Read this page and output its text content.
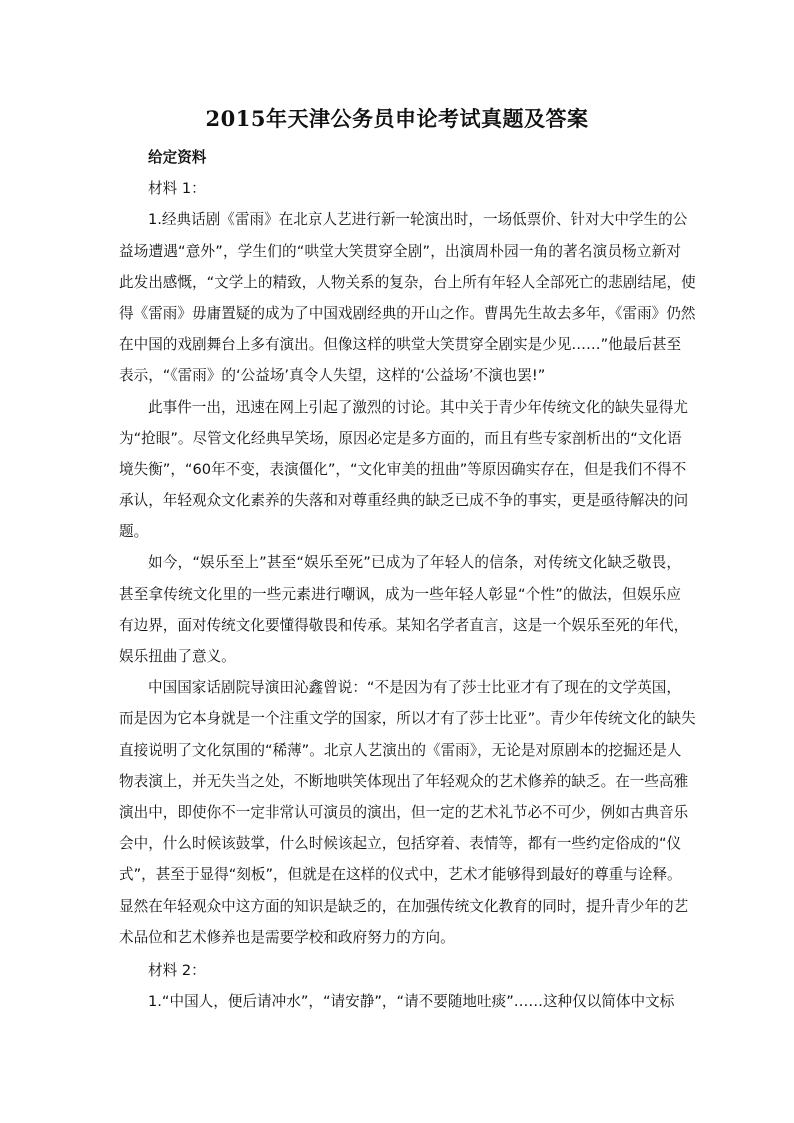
2015年天津公务员申论考试真题及答案
给定资料
材料 1：
1.经典话剧《雷雨》在北京人艺进行新一轮演出时，一场低票价、针对大中学生的公
益场遭遇“意外”，学生们的“哄堂大笑贯穿全剧”，出演周朴园一角的著名演员杨立新对
此发出感慨，“文学上的精致，人物关系的复杂，台上所有年轻人全部死亡的悲剧结尾，使
得《雷雨》毋庸置疑的成为了中国戏剧经典的开山之作。曹禺先生故去多年，《雷雨》仍然
在中国的戏剧舞台上多有演出。但像这样的哄堂大笑贯穿全剧实是少见……”他最后甚至
表示，“《雷雨》的‘公益场’真令人失望，这样的‘公益场’不演也罢!”
此事件一出，迅速在网上引起了激烈的讨论。其中关于青少年传统文化的缺失显得尤
为“抢眼”。尽管文化经典早笑场，原因必定是多方面的，而且有些专家剖析出的“文化语
境失衡”，“60年不变，表演僵化”，“文化审美的扭曲”等原因确实存在，但是我们不得不
承认，年轻观众文化素养的失落和对尊重经典的缺乏已成不争的事实，更是亟待解决的问
题。
如今，“娱乐至上”甚至“娱乐至死”已成为了年轻人的信条，对传统文化缺乏敬畏，
甚至拿传统文化里的一些元素进行嘲讽，成为一些年轻人彰显“个性”的做法，但娱乐应
有边界，面对传统文化要懂得敬畏和传承。某知名学者直言，这是一个娱乐至死的年代，
娱乐扭曲了意义。
中国国家话剧院导演田沁鑫曾说：“不是因为有了莎士比亚才有了现在的文学英国，
而是因为它本身就是一个注重文学的国家，所以才有了莎士比亚”。青少年传统文化的缺失
直接说明了文化氛围的“稀薄”。北京人艺演出的《雷雨》，无论是对原剧本的挖掘还是人
物表演上，并无失当之处，不断地哄笑体现出了年轻观众的艺术修养的缺乏。在一些高雅
演出中，即使你不一定非常认可演员的演出，但一定的艺术礼节必不可少，例如古典音乐
会中，什么时候该鼓掌，什么时候该起立，包括穿着、表情等，都有一些约定俗成的“仪
式”，甚至于显得“刻板”，但就是在这样的仪式中，艺术才能够得到最好的尊重与诠释。
显然在年轻观众中这方面的知识是缺乏的，在加强传统文化教育的同时，提升青少年的艺
术品位和艺术修养也是需要学校和政府努力的方向。
材料 2：
1.“中国人，便后请冲水”，“请安静”，“请不要随地吐痰”……这种仅以简体中文标
